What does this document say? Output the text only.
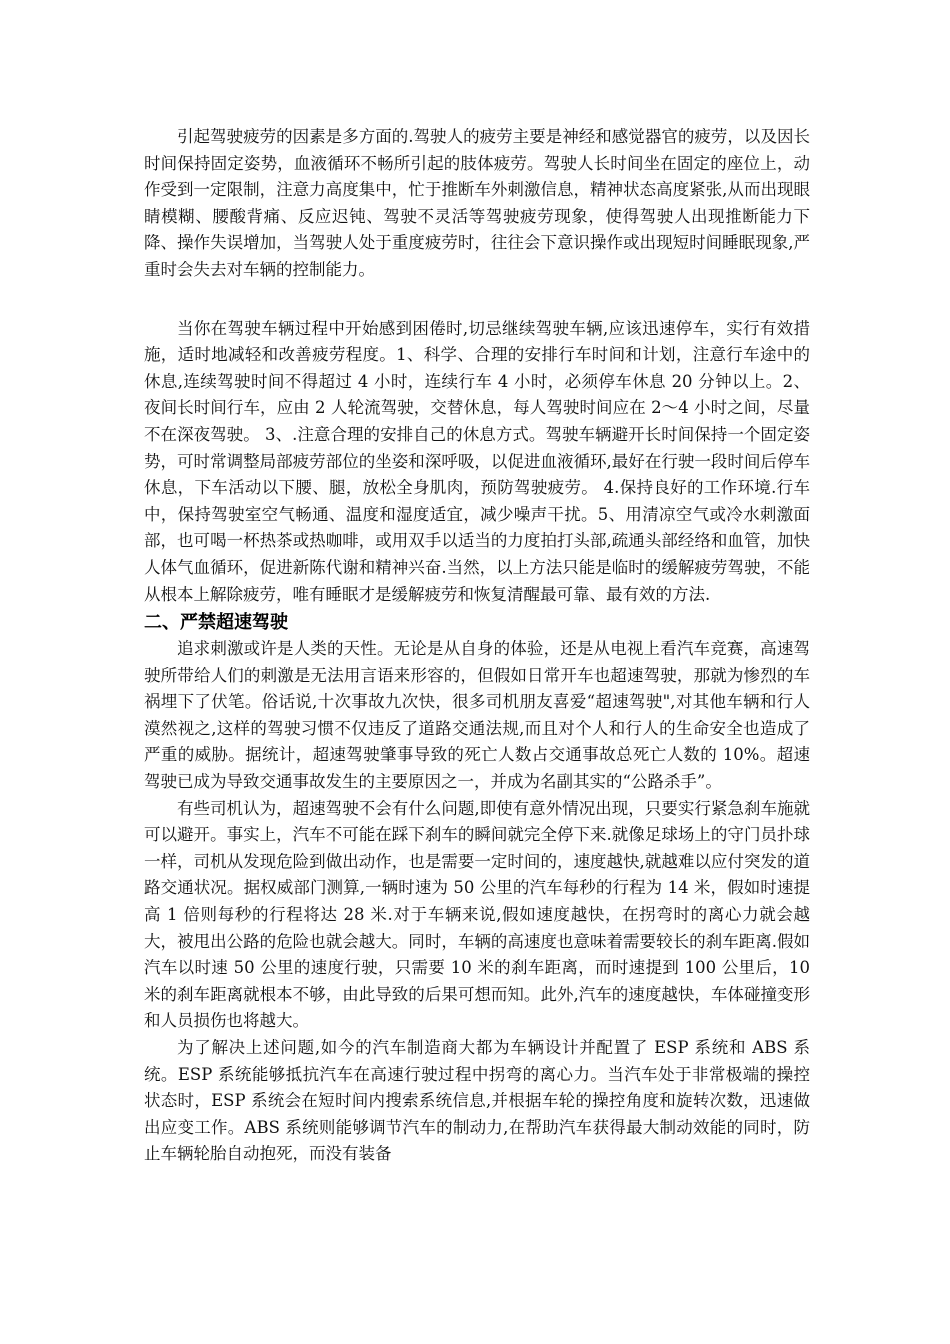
引起驾驶疲劳的因素是多方面的.驾驶人的疲劳主要是神经和感觉器官的疲劳，以及因长时间保持固定姿势，血液循环不畅所引起的肢体疲劳。驾驶人长时间坐在固定的座位上，动作受到一定限制，注意力高度集中，忙于推断车外刺激信息，精神状态高度紧张,从而出现眼睛模糊、腰酸背痛、反应迟钝、驾驶不灵活等驾驶疲劳现象，使得驾驶人出现推断能力下降、操作失误增加，当驾驶人处于重度疲劳时，往往会下意识操作或出现短时间睡眠现象,严重时会失去对车辆的控制能力。

当你在驾驶车辆过程中开始感到困倦时,切忌继续驾驶车辆,应该迅速停车，实行有效措施，适时地减轻和改善疲劳程度。1、科学、合理的安排行车时间和计划，注意行车途中的休息,连续驾驶时间不得超过 4 小时，连续行车 4 小时，必须停车休息 20 分钟以上。2、夜间长时间行车，应由 2 人轮流驾驶，交替休息，每人驾驶时间应在 2～4 小时之间，尽量不在深夜驾驶。 3、.注意合理的安排自己的休息方式。驾驶车辆避开长时间保持一个固定姿势，可时常调整局部疲劳部位的坐姿和深呼吸，以促进血液循环,最好在行驶一段时间后停车休息，下车活动以下腰、腿，放松全身肌肉，预防驾驶疲劳。 4.保持良好的工作环境.行车中，保持驾驶室空气畅通、温度和湿度适宜，减少噪声干扰。5、用清凉空气或冷水刺激面部，也可喝一杯热茶或热咖啡，或用双手以适当的力度拍打头部,疏通头部经络和血管，加快人体气血循环，促进新陈代谢和精神兴奋.当然，以上方法只能是临时的缓解疲劳驾驶，不能从根本上解除疲劳，唯有睡眠才是缓解疲劳和恢复清醒最可靠、最有效的方法.

二、严禁超速驾驶

追求刺激或许是人类的天性。无论是从自身的体验，还是从电视上看汽车竞赛，高速驾驶所带给人们的刺激是无法用言语来形容的，但假如日常开车也超速驾驶，那就为惨烈的车祸埋下了伏笔。俗话说,十次事故九次快，很多司机朋友喜爱“超速驾驶",对其他车辆和行人漠然视之,这样的驾驶习惯不仅违反了道路交通法规,而且对个人和行人的生命安全也造成了严重的威胁。据统计，超速驾驶肇事导致的死亡人数占交通事故总死亡人数的 10%。超速驾驶已成为导致交通事故发生的主要原因之一，并成为名副其实的“公路杀手”。

有些司机认为，超速驾驶不会有什么问题,即使有意外情况出现，只要实行紧急刹车施就可以避开。事实上，汽车不可能在踩下刹车的瞬间就完全停下来.就像足球场上的守门员扑球一样，司机从发现危险到做出动作，也是需要一定时间的，速度越快,就越难以应付突发的道路交通状况。据权威部门测算,一辆时速为 50 公里的汽车每秒的行程为 14 米，假如时速提高 1 倍则每秒的行程将达 28 米.对于车辆来说,假如速度越快，在拐弯时的离心力就会越大，被甩出公路的危险也就会越大。同时，车辆的高速度也意味着需要较长的刹车距离.假如汽车以时速 50 公里的速度行驶，只需要 10 米的刹车距离，而时速提到 100 公里后，10 米的刹车距离就根本不够，由此导致的后果可想而知。此外,汽车的速度越快，车体碰撞变形和人员损伤也将越大。

为了解决上述问题,如今的汽车制造商大都为车辆设计并配置了 ESP 系统和 ABS 系统。ESP 系统能够抵抗汽车在高速行驶过程中拐弯的离心力。当汽车处于非常极端的操控状态时，ESP 系统会在短时间内搜索系统信息,并根据车轮的操控角度和旋转次数，迅速做出应变工作。ABS 系统则能够调节汽车的制动力,在帮助汽车获得最大制动效能的同时，防止车辆轮胎自动抱死，而没有装备
